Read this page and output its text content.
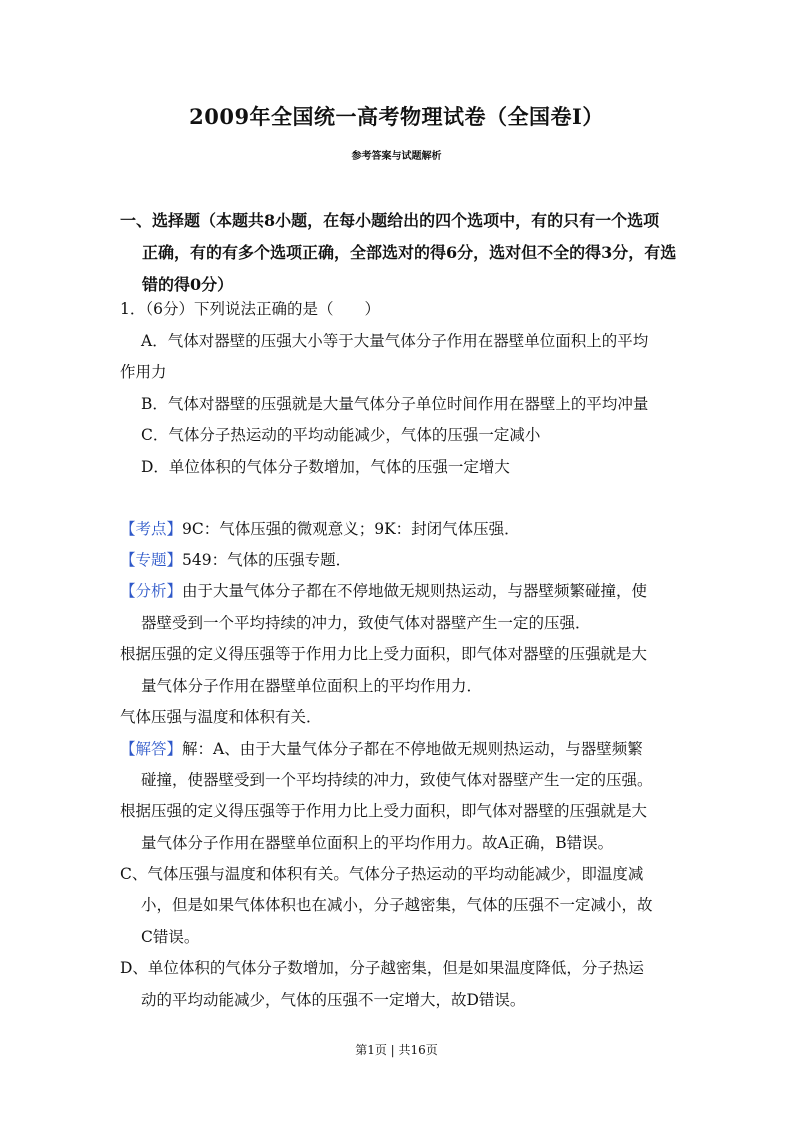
2009年全国统一高考物理试卷（全国卷Ⅰ）
参考答案与试题解析
一、选择题（本题共8小题，在每小题给出的四个选项中，有的只有一个选项
正确，有的有多个选项正确，全部选对的得6分，选对但不全的得3分，有选
错的得0分）
1．（6分）下列说法正确的是（　　）
A．气体对器壁的压强大小等于大量气体分子作用在器壁单位面积上的平均
作用力
B．气体对器壁的压强就是大量气体分子单位时间作用在器壁上的平均冲量
C．气体分子热运动的平均动能减少，气体的压强一定减小
D．单位体积的气体分子数增加，气体的压强一定增大
【考点】9C：气体压强的微观意义；9K：封闭气体压强．
【专题】549：气体的压强专题．
【分析】由于大量气体分子都在不停地做无规则热运动，与器壁频繁碰撞，使
器壁受到一个平均持续的冲力，致使气体对器壁产生一定的压强．
根据压强的定义得压强等于作用力比上受力面积，即气体对器壁的压强就是大
量气体分子作用在器壁单位面积上的平均作用力．
气体压强与温度和体积有关．
【解答】解：A、由于大量气体分子都在不停地做无规则热运动，与器壁频繁
碰撞，使器壁受到一个平均持续的冲力，致使气体对器壁产生一定的压强。
根据压强的定义得压强等于作用力比上受力面积，即气体对器壁的压强就是大
量气体分子作用在器壁单位面积上的平均作用力。故A正确，B错误。
C、气体压强与温度和体积有关。气体分子热运动的平均动能减少，即温度减
小，但是如果气体体积也在减小，分子越密集，气体的压强不一定减小，故
C错误。
D、单位体积的气体分子数增加，分子越密集，但是如果温度降低，分子热运
动的平均动能减少，气体的压强不一定增大，故D错误。
第1页 | 共16页
